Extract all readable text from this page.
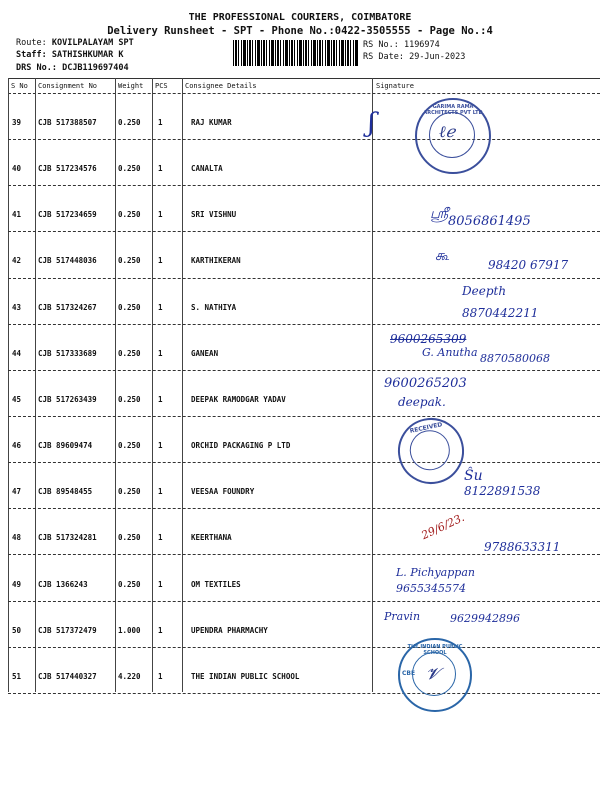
THE PROFESSIONAL COURIERS, COIMBATORE
Delivery Runsheet - SPT - Phone No.:0422-3505555 - Page No.:4
Route: KOVILPALAYAM SPT
Staff: SATHISHKUMAR K
DRS No.: DCJB119697404
RS No.: 1196974
RS Date: 29-Jun-2023
S No Consignment No	Weight PCS Consignee Details	Signature
39 CJB 517388507	0.250 1	RAJ KUMAR
40 CJB 517234576	0.250 1	CANALTA
41 CJB 517234659	0.250 1	SRI VISHNU
42 CJB 517448036	0.250 1	KARTHIKERAN
43 CJB 517324267	0.250 1	S. NATHIYA
44 CJB 517333689	0.250 1	GANEAN
45 CJB 517263439	0.250 1	DEEPAK RAMODGAR YADAV
46 CJB 89609474	0.250 1	ORCHID PACKAGING P LTD
47 CJB 89548455	0.250 1	VEESAA FOUNDRY
48 CJB 517324281	0.250 1	KEERTHANA
49 CJB 1366243	0.250 1	OM TEXTILES
50 CJB 517372479	1.000 1	UPENDRA PHARMACHY
51 CJB 517440327	4.220 1	THE INDIAN PUBLIC SCHOOL
ʃ
GARIMA RAMA ARCHITECTS PVT LTD
ℓℯ
ஸ்ரீ 8056861495
கூ
98420 67917
Deepth
8870442211
9600265309
G. Anutha 8870580068
9600265203
deepak.
RECEIVED
Ŝu
8122891538
29/6/23.
9788633311
L. Pichyappan
9655345574
Pravin	9629942896
THE INDIAN PUBLIC SCHOOL
CBE 𝓥
